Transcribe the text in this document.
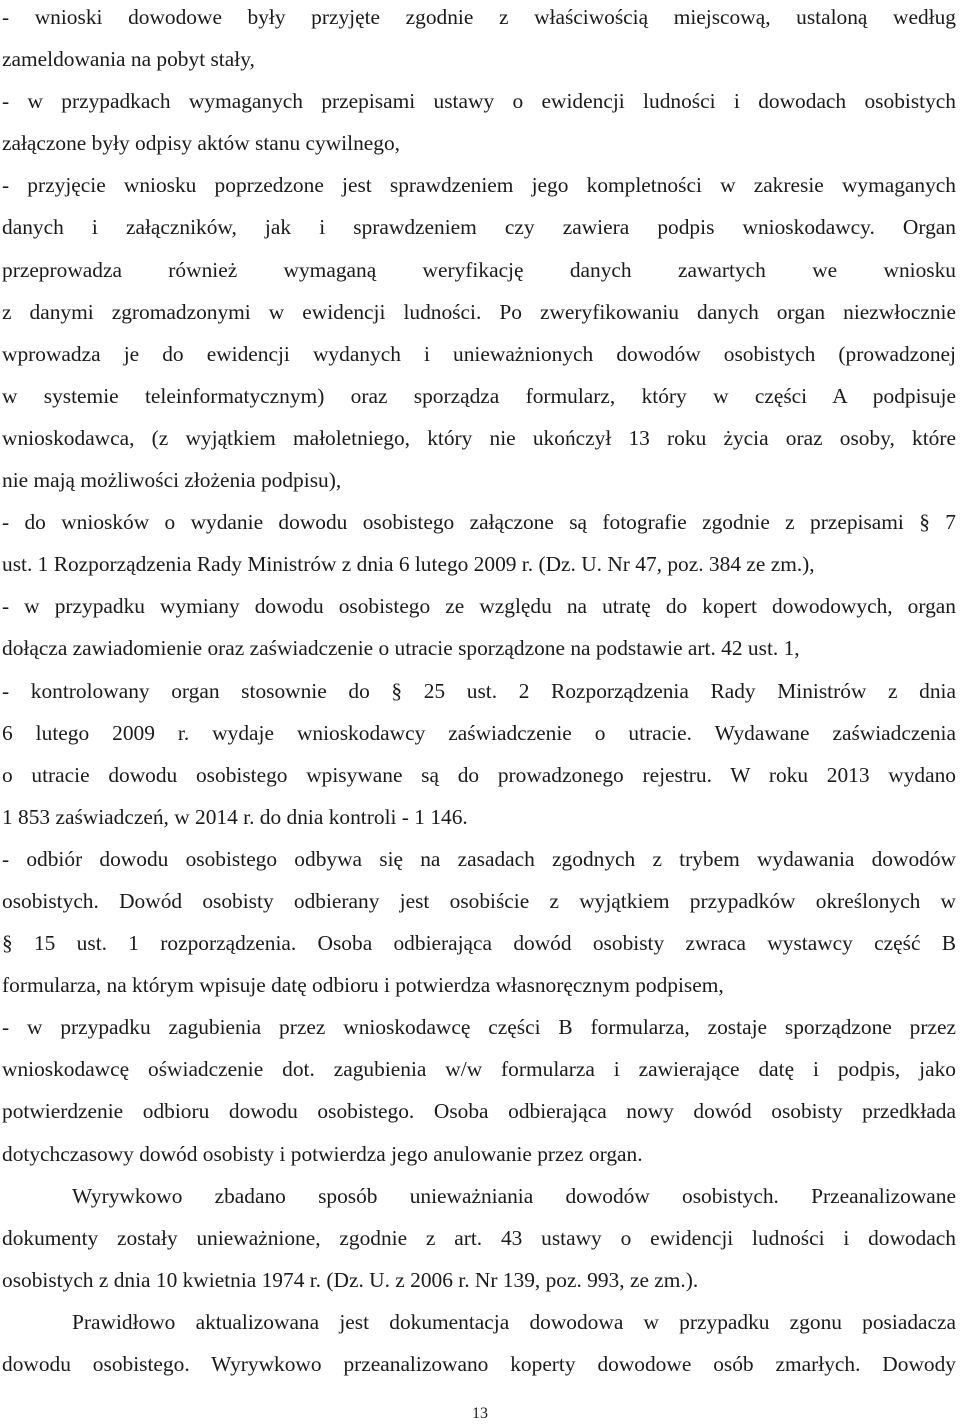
- wnioski dowodowe były przyjęte zgodnie z właściwością miejscową, ustaloną według
zameldowania na pobyt stały,
- w przypadkach wymaganych przepisami ustawy o ewidencji ludności i dowodach osobistych
załączone były odpisy aktów stanu cywilnego,
- przyjęcie wniosku poprzedzone jest sprawdzeniem jego kompletności w zakresie wymaganych
danych i załączników, jak i sprawdzeniem czy zawiera podpis wnioskodawcy. Organ
przeprowadza również wymaganą weryfikację danych zawartych we wniosku
z danymi zgromadzonymi w ewidencji ludności. Po zweryfikowaniu danych organ niezwłocznie
wprowadza je do ewidencji wydanych i unieważnionych dowodów osobistych (prowadzonej
w systemie teleinformatycznym) oraz sporządza formularz, który w części A podpisuje
wnioskodawca, (z wyjątkiem małoletniego, który nie ukończył 13 roku życia oraz osoby, które
nie mają możliwości złożenia podpisu),
- do wniosków o wydanie dowodu osobistego załączone są fotografie zgodnie z przepisami § 7
ust. 1 Rozporządzenia Rady Ministrów z dnia 6 lutego 2009 r. (Dz. U. Nr 47, poz. 384 ze zm.),
- w przypadku wymiany dowodu osobistego ze względu na utratę do kopert dowodowych, organ
dołącza zawiadomienie oraz zaświadczenie o utracie sporządzone na podstawie art. 42 ust. 1,
- kontrolowany organ stosownie do § 25 ust. 2 Rozporządzenia Rady Ministrów z dnia
6 lutego 2009 r. wydaje wnioskodawcy zaświadczenie o utracie. Wydawane zaświadczenia
o utracie dowodu osobistego wpisywane są do prowadzonego rejestru. W roku 2013 wydano
1 853 zaświadczeń, w 2014 r. do dnia kontroli - 1 146.
- odbiór dowodu osobistego odbywa się na zasadach zgodnych z trybem wydawania dowodów
osobistych. Dowód osobisty odbierany jest osobiście z wyjątkiem przypadków określonych w
§ 15 ust. 1 rozporządzenia. Osoba odbierająca dowód osobisty zwraca wystawcy część B
formularza, na którym wpisuje datę odbioru i potwierdza własnoręcznym podpisem,
- w przypadku zagubienia przez wnioskodawcę części B formularza, zostaje sporządzone przez
wnioskodawcę oświadczenie dot. zagubienia w/w formularza i zawierające datę i podpis, jako
potwierdzenie odbioru dowodu osobistego. Osoba odbierająca nowy dowód osobisty przedkłada
dotychczasowy dowód osobisty i potwierdza jego anulowanie przez organ.
Wyrywkowo zbadano sposób unieważniania dowodów osobistych. Przeanalizowane
dokumenty zostały unieważnione, zgodnie z art. 43 ustawy o ewidencji ludności i dowodach
osobistych z dnia 10 kwietnia 1974 r. (Dz. U. z 2006 r. Nr 139, poz. 993, ze zm.).
Prawidłowo aktualizowana jest dokumentacja dowodowa w przypadku zgonu posiadacza
dowodu osobistego. Wyrywkowo przeanalizowano koperty dowodowe osób zmarłych. Dowody

13
